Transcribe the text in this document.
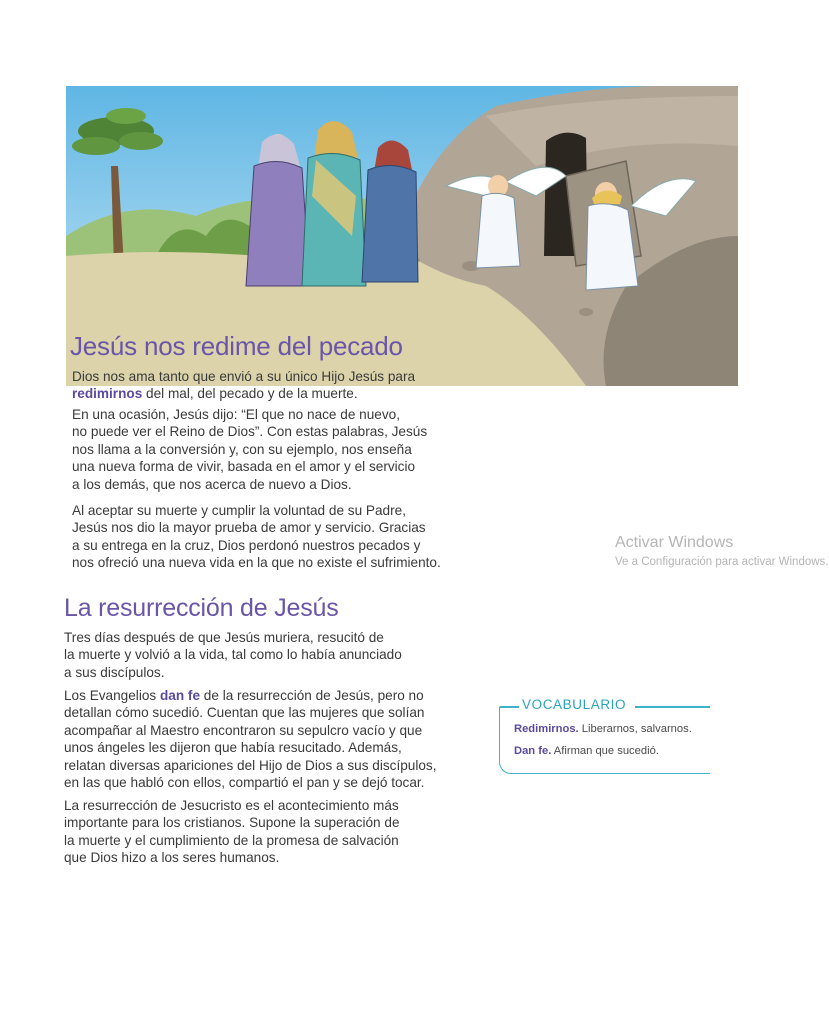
Jesús nos redime del pecado

Dios nos ama tanto que envió a su único Hijo Jesús para
redimirnos del mal, del pecado y de la muerte.

En una ocasión, Jesús dijo: “El que no nace de nuevo,
no puede ver el Reino de Dios”. Con estas palabras, Jesús
nos llama a la conversión y, con su ejemplo, nos enseña
una nueva forma de vivir, basada en el amor y el servicio
a los demás, que nos acerca de nuevo a Dios.

Al aceptar su muerte y cumplir la voluntad de su Padre,
Jesús nos dio la mayor prueba de amor y servicio. Gracias
a su entrega en la cruz, Dios perdonó nuestros pecados y
nos ofreció una nueva vida en la que no existe el sufrimiento.

Activar Windows
Ve a Configuración para activar Windows.
La resurrección de Jesús

Tres días después de que Jesús muriera, resucitó de
la muerte y volvió a la vida, tal como lo había anunciado
a sus discípulos.

Los Evangelios dan fe de la resurrección de Jesús, pero no
detallan cómo sucedió. Cuentan que las mujeres que solían
acompañar al Maestro encontraron su sepulcro vacío y que
unos ángeles les dijeron que había resucitado. Además,
relatan diversas apariciones del Hijo de Dios a sus discípulos,
en las que habló con ellos, compartió el pan y se dejó tocar.

La resurrección de Jesucristo es el acontecimiento más
importante para los cristianos. Supone la superación de
la muerte y el cumplimiento de la promesa de salvación
que Dios hizo a los seres humanos.

VOCABULARIO
Redimirnos. Liberarnos, salvarnos.
Dan fe. Afirman que sucedió.
